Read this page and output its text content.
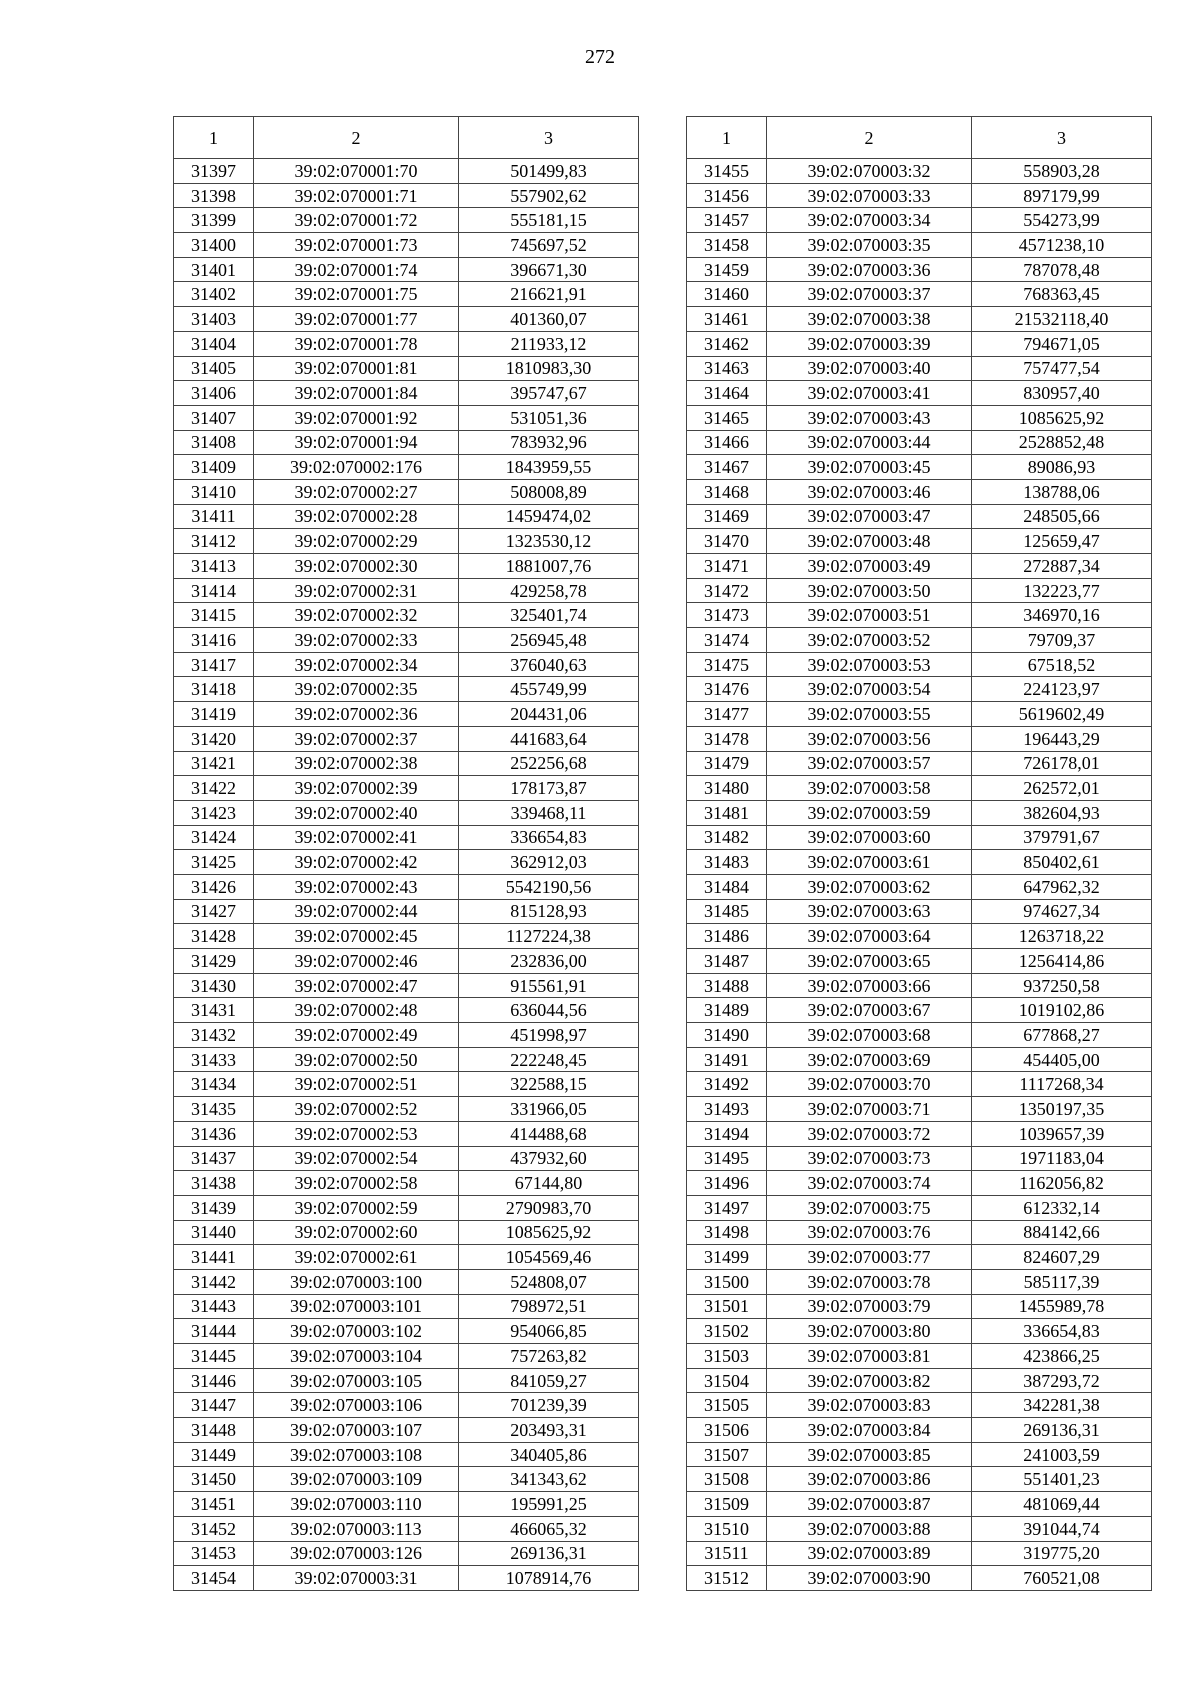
272
1	2	3
31397	39:02:070001:70	501499,83
31398	39:02:070001:71	557902,62
31399	39:02:070001:72	555181,15
31400	39:02:070001:73	745697,52
31401	39:02:070001:74	396671,30
31402	39:02:070001:75	216621,91
31403	39:02:070001:77	401360,07
31404	39:02:070001:78	211933,12
31405	39:02:070001:81	1810983,30
31406	39:02:070001:84	395747,67
31407	39:02:070001:92	531051,36
31408	39:02:070001:94	783932,96
31409	39:02:070002:176	1843959,55
31410	39:02:070002:27	508008,89
31411	39:02:070002:28	1459474,02
31412	39:02:070002:29	1323530,12
31413	39:02:070002:30	1881007,76
31414	39:02:070002:31	429258,78
31415	39:02:070002:32	325401,74
31416	39:02:070002:33	256945,48
31417	39:02:070002:34	376040,63
31418	39:02:070002:35	455749,99
31419	39:02:070002:36	204431,06
31420	39:02:070002:37	441683,64
31421	39:02:070002:38	252256,68
31422	39:02:070002:39	178173,87
31423	39:02:070002:40	339468,11
31424	39:02:070002:41	336654,83
31425	39:02:070002:42	362912,03
31426	39:02:070002:43	5542190,56
31427	39:02:070002:44	815128,93
31428	39:02:070002:45	1127224,38
31429	39:02:070002:46	232836,00
31430	39:02:070002:47	915561,91
31431	39:02:070002:48	636044,56
31432	39:02:070002:49	451998,97
31433	39:02:070002:50	222248,45
31434	39:02:070002:51	322588,15
31435	39:02:070002:52	331966,05
31436	39:02:070002:53	414488,68
31437	39:02:070002:54	437932,60
31438	39:02:070002:58	67144,80
31439	39:02:070002:59	2790983,70
31440	39:02:070002:60	1085625,92
31441	39:02:070002:61	1054569,46
31442	39:02:070003:100	524808,07
31443	39:02:070003:101	798972,51
31444	39:02:070003:102	954066,85
31445	39:02:070003:104	757263,82
31446	39:02:070003:105	841059,27
31447	39:02:070003:106	701239,39
31448	39:02:070003:107	203493,31
31449	39:02:070003:108	340405,86
31450	39:02:070003:109	341343,62
31451	39:02:070003:110	195991,25
31452	39:02:070003:113	466065,32
31453	39:02:070003:126	269136,31
31454	39:02:070003:31	1078914,76
1	2	3
31455	39:02:070003:32	558903,28
31456	39:02:070003:33	897179,99
31457	39:02:070003:34	554273,99
31458	39:02:070003:35	4571238,10
31459	39:02:070003:36	787078,48
31460	39:02:070003:37	768363,45
31461	39:02:070003:38	21532118,40
31462	39:02:070003:39	794671,05
31463	39:02:070003:40	757477,54
31464	39:02:070003:41	830957,40
31465	39:02:070003:43	1085625,92
31466	39:02:070003:44	2528852,48
31467	39:02:070003:45	89086,93
31468	39:02:070003:46	138788,06
31469	39:02:070003:47	248505,66
31470	39:02:070003:48	125659,47
31471	39:02:070003:49	272887,34
31472	39:02:070003:50	132223,77
31473	39:02:070003:51	346970,16
31474	39:02:070003:52	79709,37
31475	39:02:070003:53	67518,52
31476	39:02:070003:54	224123,97
31477	39:02:070003:55	5619602,49
31478	39:02:070003:56	196443,29
31479	39:02:070003:57	726178,01
31480	39:02:070003:58	262572,01
31481	39:02:070003:59	382604,93
31482	39:02:070003:60	379791,67
31483	39:02:070003:61	850402,61
31484	39:02:070003:62	647962,32
31485	39:02:070003:63	974627,34
31486	39:02:070003:64	1263718,22
31487	39:02:070003:65	1256414,86
31488	39:02:070003:66	937250,58
31489	39:02:070003:67	1019102,86
31490	39:02:070003:68	677868,27
31491	39:02:070003:69	454405,00
31492	39:02:070003:70	1117268,34
31493	39:02:070003:71	1350197,35
31494	39:02:070003:72	1039657,39
31495	39:02:070003:73	1971183,04
31496	39:02:070003:74	1162056,82
31497	39:02:070003:75	612332,14
31498	39:02:070003:76	884142,66
31499	39:02:070003:77	824607,29
31500	39:02:070003:78	585117,39
31501	39:02:070003:79	1455989,78
31502	39:02:070003:80	336654,83
31503	39:02:070003:81	423866,25
31504	39:02:070003:82	387293,72
31505	39:02:070003:83	342281,38
31506	39:02:070003:84	269136,31
31507	39:02:070003:85	241003,59
31508	39:02:070003:86	551401,23
31509	39:02:070003:87	481069,44
31510	39:02:070003:88	391044,74
31511	39:02:070003:89	319775,20
31512	39:02:070003:90	760521,08
